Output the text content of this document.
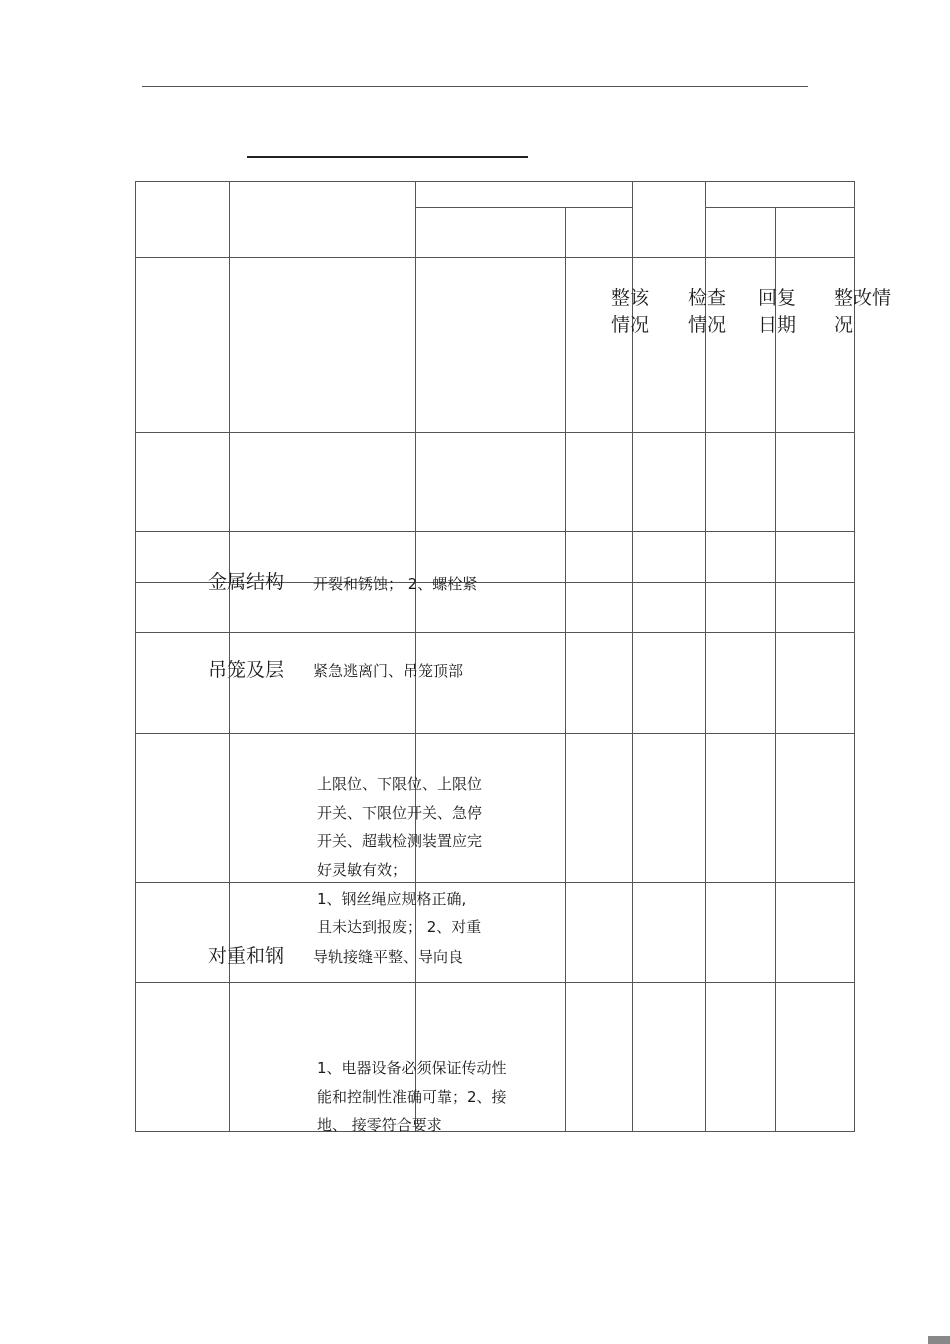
整该
情况
检查
情况
回复
日期
整改情
况
金属结构
吊笼及层
对重和钢
开裂和锈蚀； 2、螺栓紧
紧急逃离门、吊笼顶部
上限位、下限位、上限位开关、下限位开关、急停开关、超载检测装置应完好灵敏有效；
1、钢丝绳应规格正确,
且未达到报废； 2、对重
导轨接缝平整、导向良
1、电器设备必须保证传动性能和控制性准确可靠；2、接地、 接零符合要求
